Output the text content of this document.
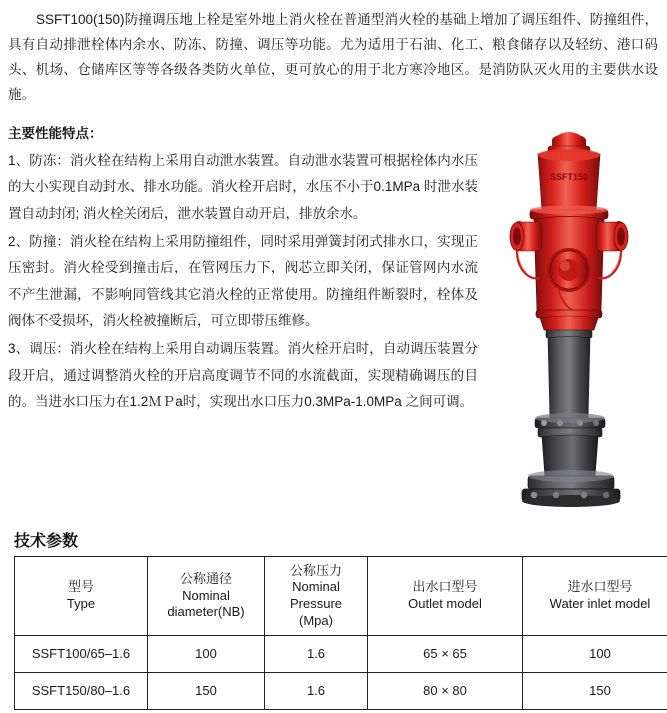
SSFT100(150)防撞调压地上栓是室外地上消火栓在普通型消火栓的基础上增加了调压组件、防撞组件，具有自动排泄栓体内余水、防冻、防撞、调压等功能。尤为适用于石油、化工、粮食储存以及轻纺、港口码头、机场、仓储库区等等各级各类防火单位，更可放心的用于北方寒冷地区。是消防队灭火用的主要供水设施。
主要性能特点：

1、防冻：消火栓在结构上采用自动泄水装置。自动泄水装置可根据栓体内水压的大小实现自动封水、排水功能。消火栓开启时，水压不小于0.1MPa 时泄水装置自动封闭; 消火栓关闭后，泄水装置自动开启，排放余水。

2、防撞：消火栓在结构上采用防撞组件，同时采用弹簧封闭式排水口，实现正压密封。消火栓受到撞击后，在管网压力下，阀芯立即关闭，保证管网内水流不产生泄漏，不影响同管线其它消火栓的正常使用。防撞组件断裂时，栓体及阀体不受损坏，消火栓被撞断后，可立即带压维修。

3、调压：消火栓在结构上采用自动调压装置。消火栓开启时，自动调压装置分段开启，通过调整消火栓的开启高度调节不同的水流截面，实现精确调压的目的。当进水口压力在1.2ＭＰa时，实现出水口压力0.3MPa-1.0MPa 之间可调。

SSFT150
技术参数
型号
Type

公称通径
Nominal
diameter(NB)

公称压力
Nominal
Pressure
(Mpa)

出水口型号
Outlet model

进水口型号
Water inlet model

SSFT100/65–1.6	100	1.6	65 × 65	100
SSFT150/80–1.6	150	1.6	80 × 80	150
